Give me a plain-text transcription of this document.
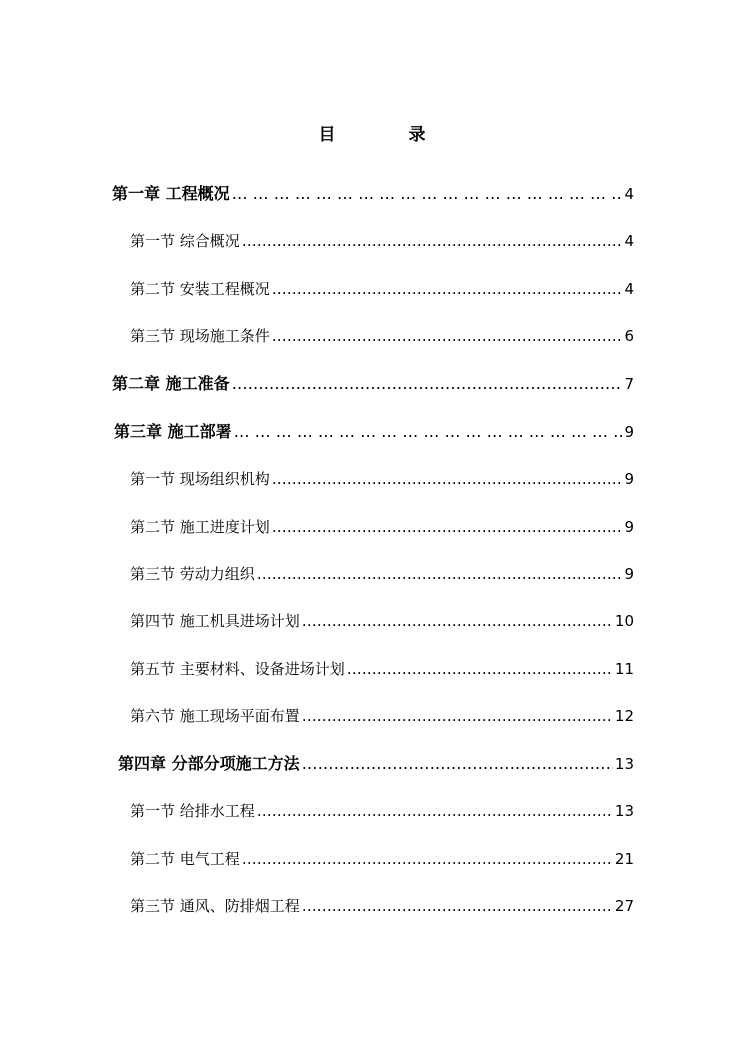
目　录
第一章 工程概况 … … … … … … … … … … … … … … … … … … … … … … … … … … … … … … … … … … … … … … … … … …	4
第一节 综合概况 …………………………………………………………………………………………………………………………………………………………	4
第二节 安装工程概况 …………………………………………………………………………………………………………………………………………………………	4
第三节 现场施工条件 …………………………………………………………………………………………………………………………………………………………	6
第二章 施工准备 …………………………………………………………………………………………………………………………………………………………	7
第三章 施工部署 … … … … … … … … … … … … … … … … … … … … … … … … … … … … … … … … … … … … … … … … … …	9
第一节 现场组织机构 …………………………………………………………………………………………………………………………………………………………	9
第二节 施工进度计划 …………………………………………………………………………………………………………………………………………………………	9
第三节 劳动力组织 …………………………………………………………………………………………………………………………………………………………	9
第四节 施工机具进场计划 …………………………………………………………………………………………………………………………………………………………	10
第五节 主要材料、设备进场计划 …………………………………………………………………………………………………………………………………………………………	11
第六节 施工现场平面布置 …………………………………………………………………………………………………………………………………………………………	12
第四章 分部分项施工方法 …………………………………………………………………………………………………………………………………………………………	13
第一节 给排水工程 …………………………………………………………………………………………………………………………………………………………	13
第二节 电气工程 …………………………………………………………………………………………………………………………………………………………	21
第三节 通风、防排烟工程 …………………………………………………………………………………………………………………………………………………………	27
